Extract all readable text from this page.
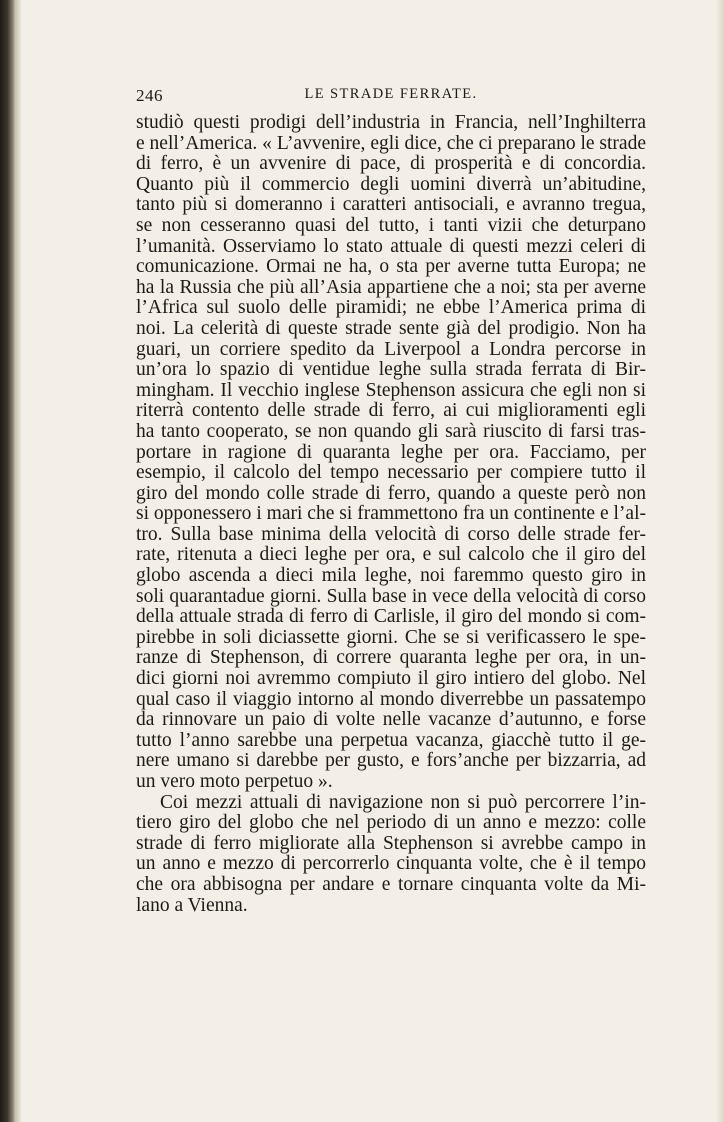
246	LE STRADE FERRATE.
studiò questi prodigi dell’industria in Francia, nell’Inghilterra
e nell’America. « L’avvenire, egli dice, che ci preparano le strade
di ferro, è un avvenire di pace, di prosperità e di concordia.
Quanto più il commercio degli uomini diverrà un’abitudine,
tanto più si domeranno i caratteri antisociali, e avranno tregua,
se non cesseranno quasi del tutto, i tanti vizii che deturpano
l’umanità. Osserviamo lo stato attuale di questi mezzi celeri di
comunicazione. Ormai ne ha, o sta per averne tutta Europa; ne
ha la Russia che più all’Asia appartiene che a noi; sta per averne
l’Africa sul suolo delle piramidi; ne ebbe l’America prima di
noi. La celerità di queste strade sente già del prodigio. Non ha
guari, un corriere spedito da Liverpool a Londra percorse in
un’ora lo spazio di ventidue leghe sulla strada ferrata di Bir-
mingham. Il vecchio inglese Stephenson assicura che egli non si
riterrà contento delle strade di ferro, ai cui miglioramenti egli
ha tanto cooperato, se non quando gli sarà riuscito di farsi tras-
portare in ragione di quaranta leghe per ora. Facciamo, per
esempio, il calcolo del tempo necessario per compiere tutto il
giro del mondo colle strade di ferro, quando a queste però non
si opponessero i mari che si frammettono fra un continente e l’al-
tro. Sulla base minima della velocità di corso delle strade fer-
rate, ritenuta a dieci leghe per ora, e sul calcolo che il giro del
globo ascenda a dieci mila leghe, noi faremmo questo giro in
soli quarantadue giorni. Sulla base in vece della velocità di corso
della attuale strada di ferro di Carlisle, il giro del mondo si com-
pirebbe in soli diciassette giorni. Che se si verificassero le spe-
ranze di Stephenson, di correre quaranta leghe per ora, in un-
dici giorni noi avremmo compiuto il giro intiero del globo. Nel
qual caso il viaggio intorno al mondo diverrebbe un passatempo
da rinnovare un paio di volte nelle vacanze d’autunno, e forse
tutto l’anno sarebbe una perpetua vacanza, giacchè tutto il ge-
nere umano si darebbe per gusto, e fors’anche per bizzarria, ad
un vero moto perpetuo ».
Coi mezzi attuali di navigazione non si può percorrere l’in-
tiero giro del globo che nel periodo di un anno e mezzo: colle
strade di ferro migliorate alla Stephenson si avrebbe campo in
un anno e mezzo di percorrerlo cinquanta volte, che è il tempo
che ora abbisogna per andare e tornare cinquanta volte da Mi-
lano a Vienna.
